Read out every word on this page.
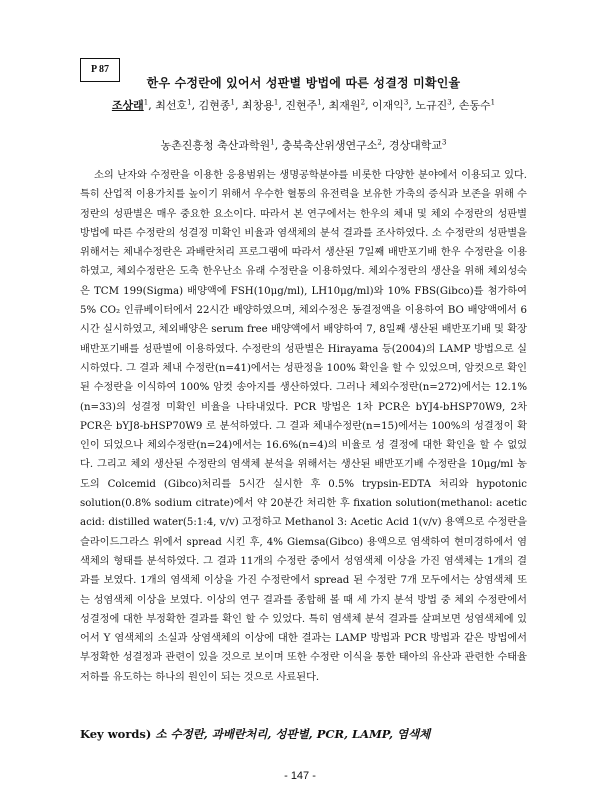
P 87
한우 수정란에 있어서 성판별 방법에 따른 성결정 미확인율
조상래$^1$, 최선호$^1$, 김현종$^1$, 최창용$^1$, 진현주$^1$, 최재원$^2$, 이재익$^3$, 노규진$^3$, 손동수$^1$
농촌진흥청 축산과학원$^1$, 충북축산위생연구소$^2$, 경상대학교$^3$

소의 난자와 수정란을 이용한 응용범위는 생명공학분야를 비롯한 다양한 분야에서 이용되고 있다. 특히 산업적 이용가치를 높이기 위해서 우수한 혈통의 유전력을 보유한 가축의 증식과 보존을 위해 수정란의 성판별은 매우 중요한 요소이다. 따라서 본 연구에서는 한우의 체내 및 체외 수정란의 성판별 방법에 따른 수정란의 성결정 미확인 비율과 염색체의 분석 결과를 조사하였다. 소 수정란의 성판별을 위해서는 체내수정란은 과배란처리 프로그램에 따라서 생산된 7일째 배반포기배 한우 수정란을 이용하였고, 체외수정란은 도축 한우난소 유래 수정란을 이용하였다. 체외수정란의 생산을 위해 체외성숙은 TCM 199(Sigma) 배양액에 FSH(10μg/ml), LH10μg/ml)와 10% FBS(Gibco)를 첨가하여 5% CO₂ 인큐베이터에서 22시간 배양하였으며, 체외수정은 동결정액을 이용하여 BO 배양액에서 6시간 실시하였고, 체외배양은 serum free 배양액에서 배양하여 7, 8일째 생산된 배반포기배 및 확장 배반포기배를 성판별에 이용하였다. 수정란의 성판별은 Hirayama 등(2004)의 LAMP 방법으로 실시하였다. 그 결과 체내 수정란(n=41)에서는 성판정을 100% 확인을 할 수 있었으며, 암컷으로 확인된 수정란을 이식하여 100% 암컷 송아지를 생산하였다. 그러나 체외수정란(n=272)에서는 12.1%(n=33)의 성결정 미확인 비율을 나타내었다. PCR 방법은 1차 PCR은 bYJ4-bHSP70W9, 2차 PCR은 bYJ8-bHSP70W9 로 분석하였다. 그 결과 체내수정란(n=15)에서는 100%의 성결정이 확인이 되었으나 체외수정란(n=24)에서는 16.6%(n=4)의 비율로 성 결정에 대한 확인을 할 수 없었다. 그리고 체외 생산된 수정란의 염색체 분석을 위해서는 생산된 배반포기배 수정란을 10μg/ml 농도의 Colcemid (Gibco)처리를 5시간 실시한 후 0.5% trypsin-EDTA 처리와 hypotonic solution(0.8% sodium citrate)에서 약 20분간 처리한 후 fixation solution(methanol: acetic acid: distilled water(5:1:4, v/v) 고정하고 Methanol 3: Acetic Acid 1(v/v) 용액으로 수정란을 슬라이드그라스 위에서 spread 시킨 후, 4% Giemsa(Gibco) 용액으로 염색하여 현미경하에서 염색체의 형태를 분석하였다. 그 결과 11개의 수정란 중에서 성염색체 이상을 가진 염색체는 1개의 결과를 보였다. 1개의 염색체 이상을 가진 수정란에서 spread 된 수정란 7개 모두에서는 상염색체 또는 성염색체 이상을 보였다. 이상의 연구 결과를 종합해 볼 때 세 가지 분석 방법 중 체외 수정란에서 성결정에 대한 부정확한 결과를 확인 할 수 있었다. 특히 염색체 분석 결과를 살펴보면 성염색체에 있어서 Y 염색체의 소실과 상염색체의 이상에 대한 결과는 LAMP 방법과 PCR 방법과 같은 방법에서 부정확한 성결정과 관련이 있을 것으로 보이며 또한 수정란 이식을 통한 태아의 유산과 관련한 수태율 저하를 유도하는 하나의 원인이 되는 것으로 사료된다.

Key words) 소 수정란, 과배란처리, 성판별, PCR, LAMP, 염색체
- 147 -
